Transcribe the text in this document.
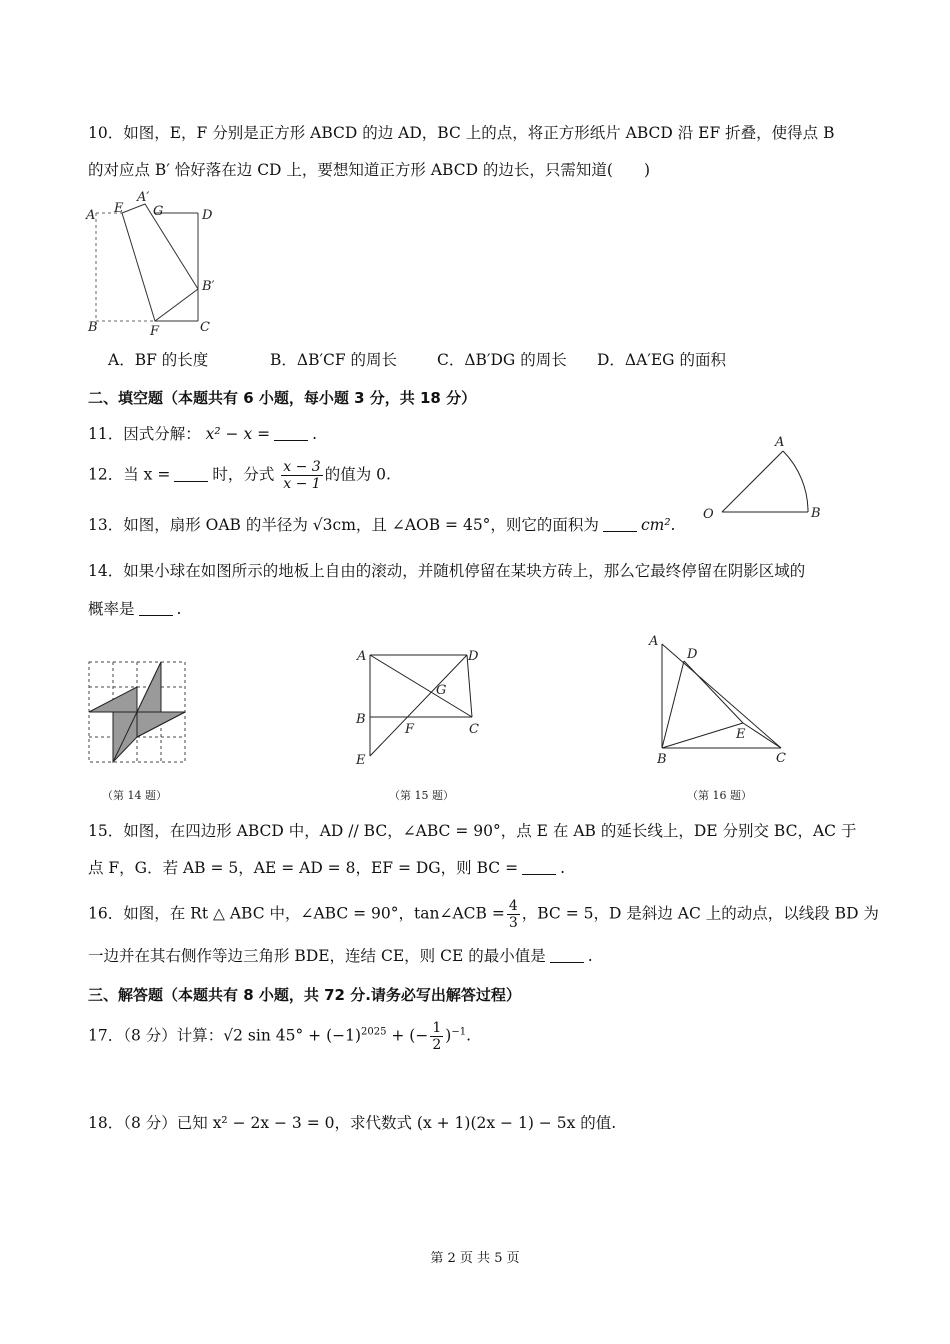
10．如图，E，F 分别是正方形 ABCD 的边 AD，BC 上的点，将正方形纸片 ABCD 沿 EF 折叠，使得点 B
的对应点 B′ 恰好落在边 CD 上，要想知道正方形 ABCD 的边长，只需知道(　　)
A E
A′
G	D
B′
B	F	C
A．BF 的长度	B．ΔB′CF 的周长	C．ΔB′DG 的周长 D．ΔA′EG 的面积
二、填空题（本题共有 6 小题，每小题 3 分，共 18 分）
11．因式分解： x² − x =	.
12．当 x =	时，分式 $\frac{x - 3}{x - 1}$ 的值为 0.
13．如图，扇形 OAB 的半径为 √3cm，且 ∠AOB = 45°，则它的面积为	cm².
A
O	B
14．如果小球在如图所示的地板上自由的滚动，并随机停留在某块方砖上，那么它最终停留在阴影区域的
概率是	.
A	D
G
B
F	C
E
A
D
E
B	C
（第 14 题）	（第 15 题）	（第 16 题）
15．如图，在四边形 ABCD 中，AD // BC，∠ABC = 90°，点 E 在 AB 的延长线上，DE 分别交 BC，AC 于
点 F，G．若 AB = 5，AE = AD = 8，EF = DG，则 BC =	.
16．如图，在 Rt △ ABC 中，∠ABC = 90°，tan∠ACB = $\frac{4}{3}$ ，BC = 5，D 是斜边 AC 上的动点，以线段 BD 为
一边并在其右侧作等边三角形 BDE，连结 CE，则 CE 的最小值是	.
三、解答题（本题共有 8 小题，共 72 分.请务必写出解答过程）
17．（8 分）计算：√2 $\sin 45^\circ + (-1)^{2025}$ + (− $\frac{1}{2} )^{-1}$.
18．（8 分）已知 x² − 2x − 3 = 0，求代数式 (x + 1)(2x − 1) − 5x 的值.
第 2 页 共 5 页
